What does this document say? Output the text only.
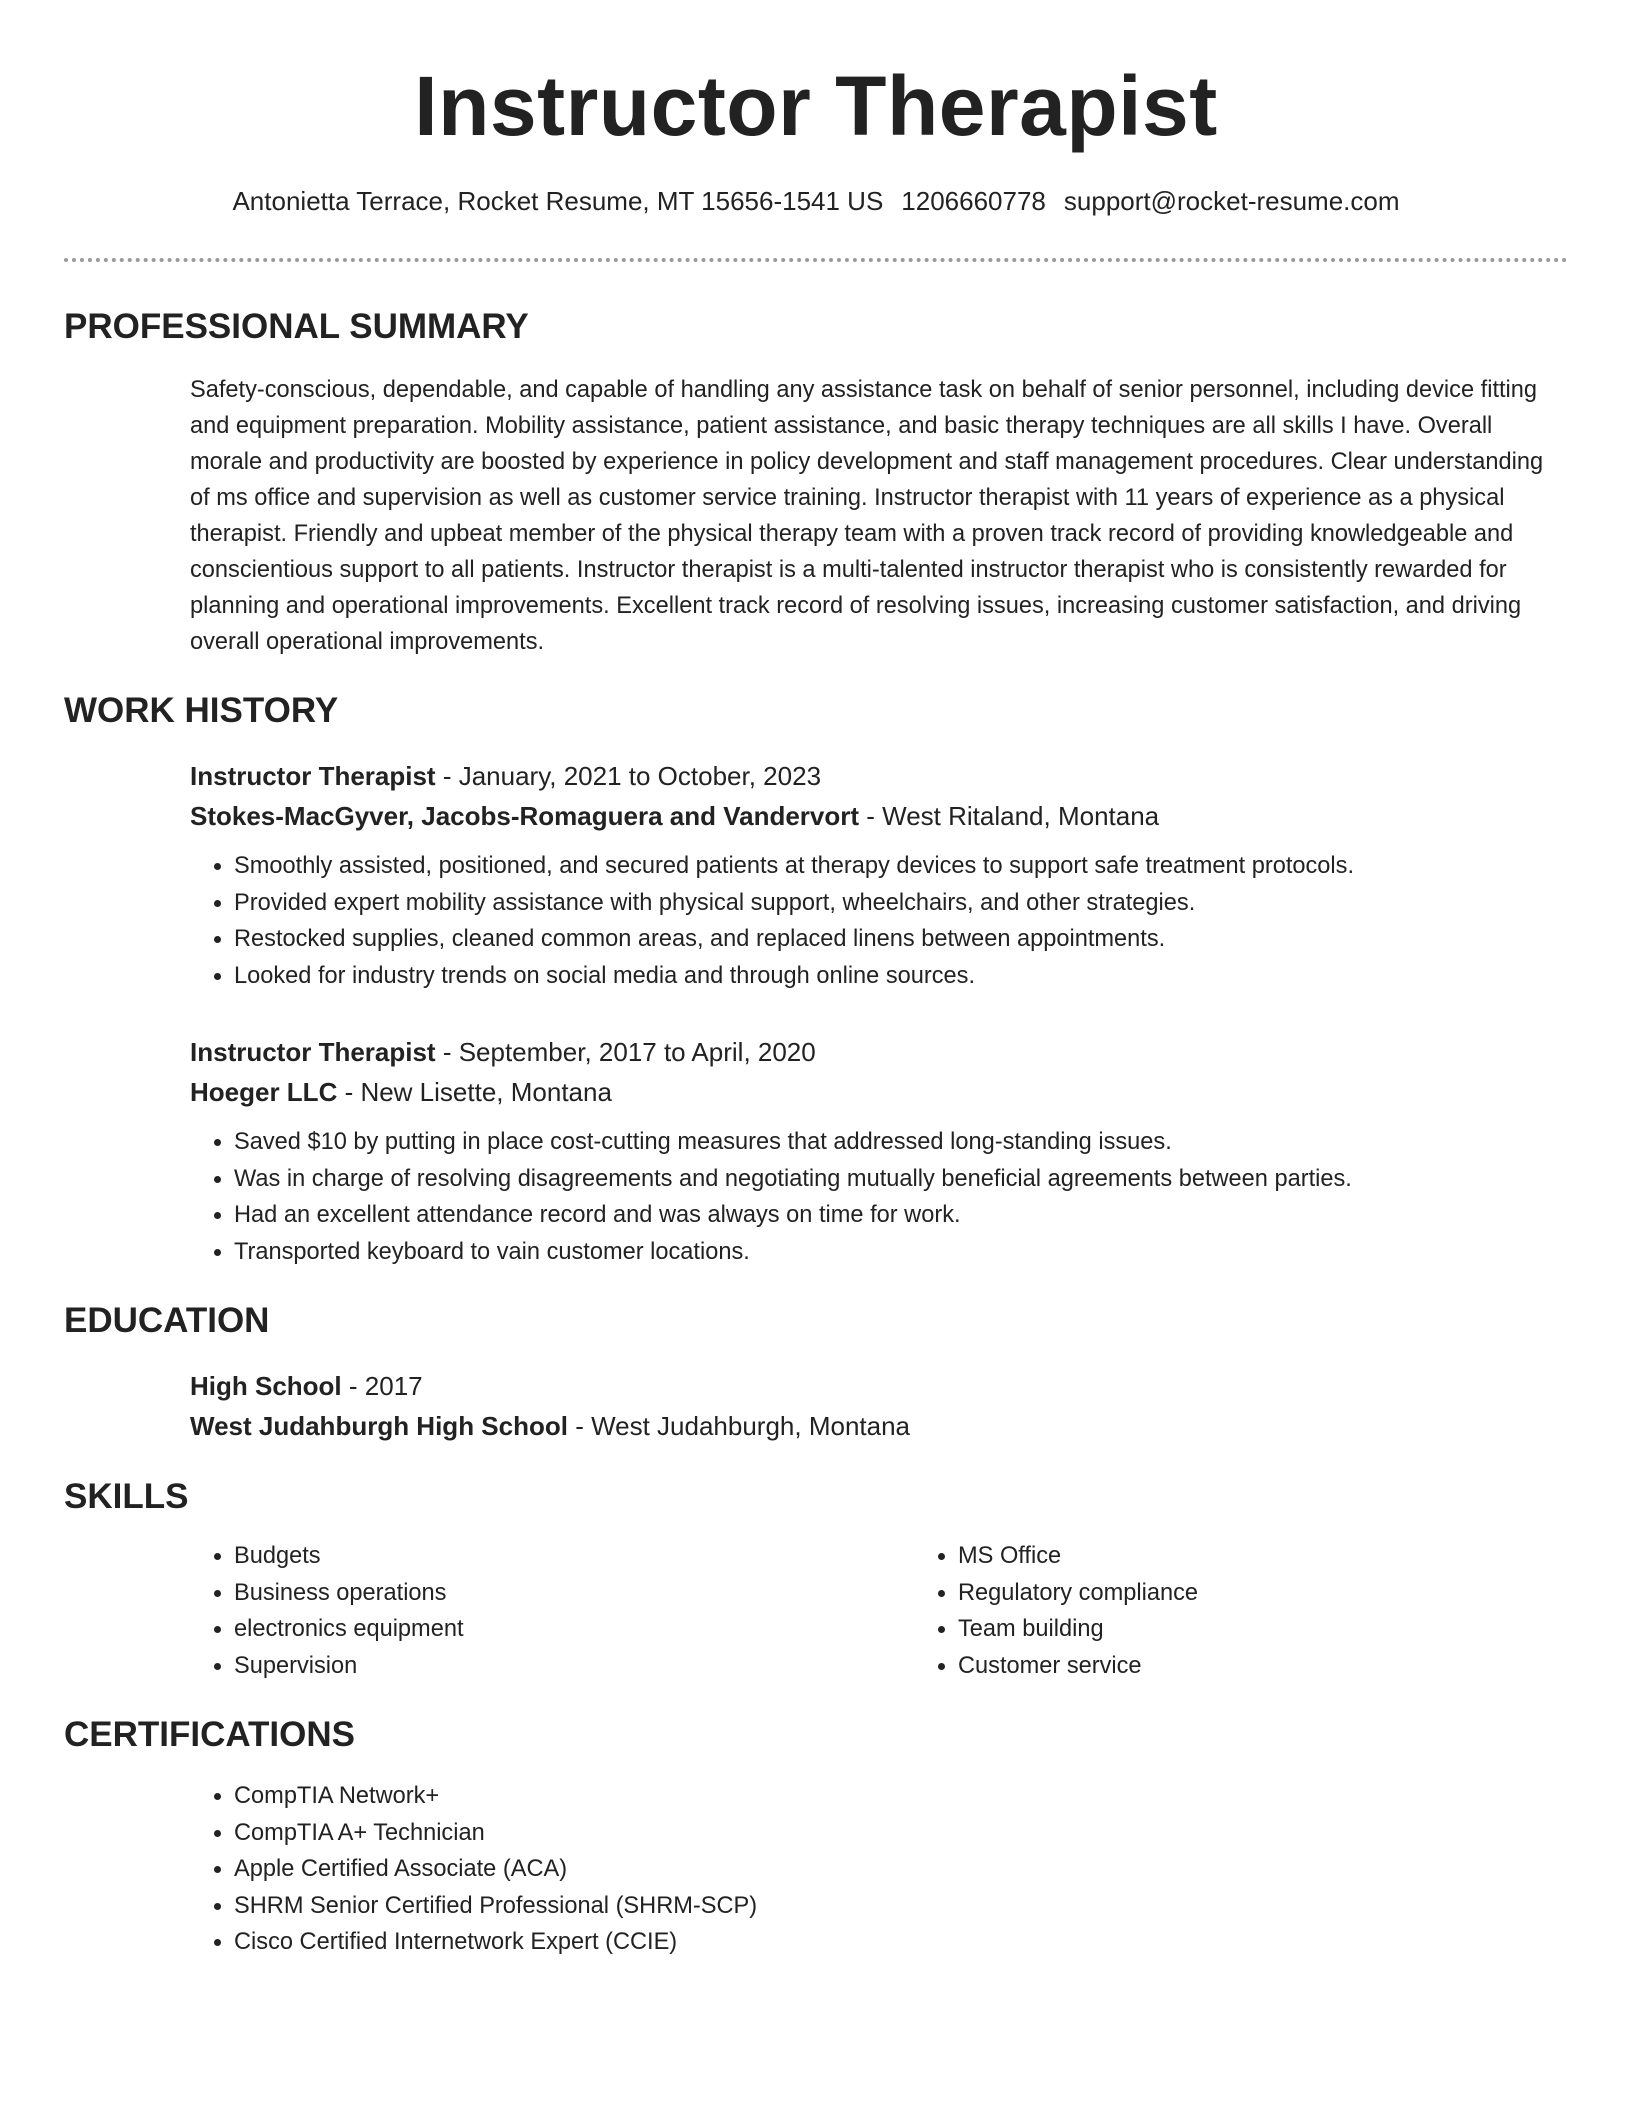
Instructor Therapist
Antonietta Terrace, Rocket Resume, MT 15656-1541 US 1206660778 support@rocket-resume.com
PROFESSIONAL SUMMARY
Safety-conscious, dependable, and capable of handling any assistance task on behalf of senior personnel, including device fitting and equipment preparation. Mobility assistance, patient assistance, and basic therapy techniques are all skills I have. Overall morale and productivity are boosted by experience in policy development and staff management procedures. Clear understanding of ms office and supervision as well as customer service training. Instructor therapist with 11 years of experience as a physical therapist. Friendly and upbeat member of the physical therapy team with a proven track record of providing knowledgeable and conscientious support to all patients. Instructor therapist is a multi-talented instructor therapist who is consistently rewarded for planning and operational improvements. Excellent track record of resolving issues, increasing customer satisfaction, and driving overall operational improvements.
WORK HISTORY
Instructor Therapist - January, 2021 to October, 2023
Stokes-MacGyver, Jacobs-Romaguera and Vandervort - West Ritaland, Montana
• Smoothly assisted, positioned, and secured patients at therapy devices to support safe treatment protocols.
• Provided expert mobility assistance with physical support, wheelchairs, and other strategies.
• Restocked supplies, cleaned common areas, and replaced linens between appointments.
• Looked for industry trends on social media and through online sources.
Instructor Therapist - September, 2017 to April, 2020
Hoeger LLC - New Lisette, Montana
• Saved $10 by putting in place cost-cutting measures that addressed long-standing issues.
• Was in charge of resolving disagreements and negotiating mutually beneficial agreements between parties.
• Had an excellent attendance record and was always on time for work.
• Transported keyboard to vain customer locations.
EDUCATION
High School - 2017
West Judahburgh High School - West Judahburgh, Montana
SKILLS
• Budgets
• Business operations
• electronics equipment
• Supervision
• MS Office
• Regulatory compliance
• Team building
• Customer service
CERTIFICATIONS
• CompTIA Network+
• CompTIA A+ Technician
• Apple Certified Associate (ACA)
• SHRM Senior Certified Professional (SHRM-SCP)
• Cisco Certified Internetwork Expert (CCIE)
